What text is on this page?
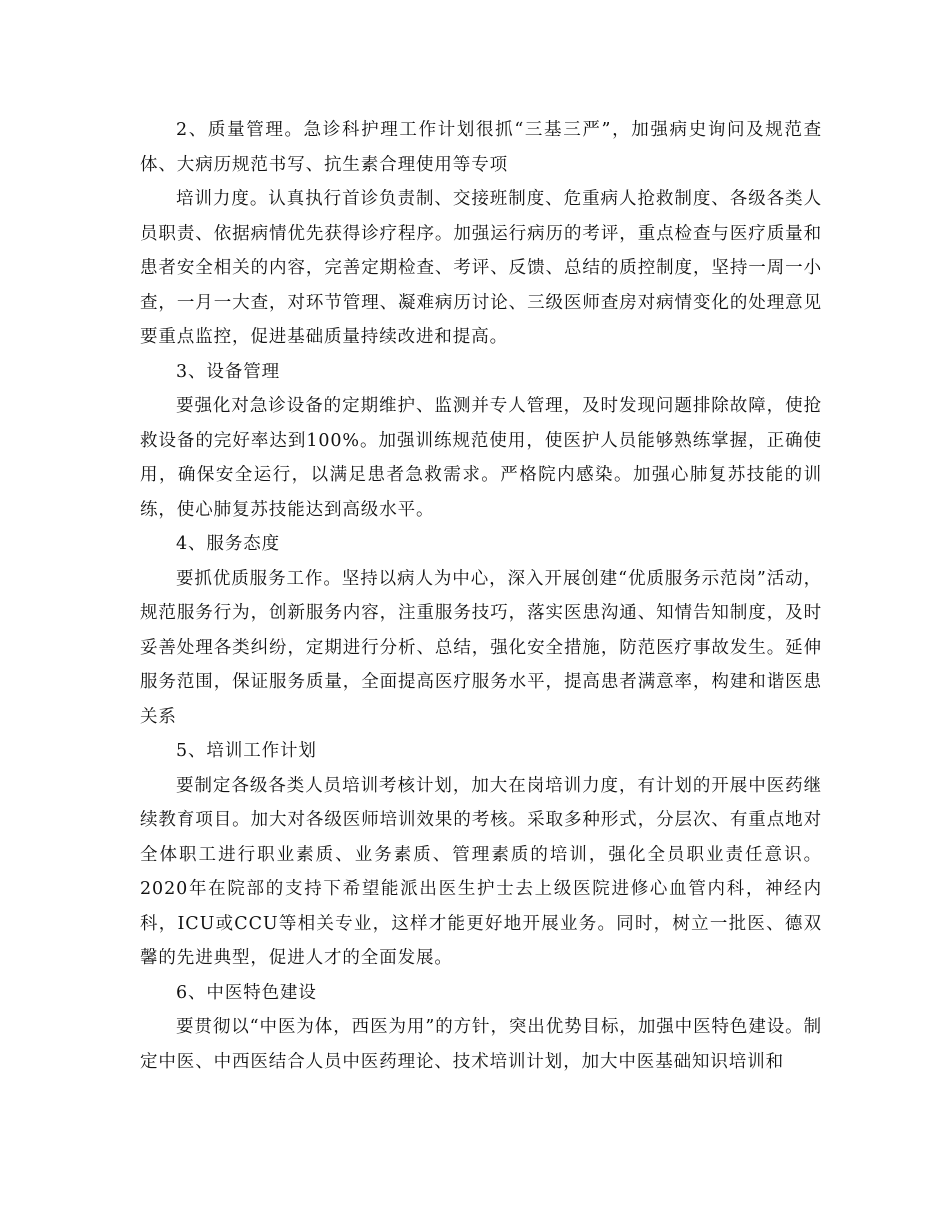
2、质量管理。急诊科护理工作计划很抓“三基三严”，加强病史询问及规范查体、大病历规范书写、抗生素合理使用等专项

培训力度。认真执行首诊负责制、交接班制度、危重病人抢救制度、各级各类人员职责、依据病情优先获得诊疗程序。加强运行病历的考评，重点检查与医疗质量和患者安全相关的内容，完善定期检查、考评、反馈、总结的质控制度，坚持一周一小查，一月一大查，对环节管理、凝难病历讨论、三级医师查房对病情变化的处理意见要重点监控，促进基础质量持续改进和提高。

3、设备管理

要强化对急诊设备的定期维护、监测并专人管理，及时发现问题排除故障，使抢救设备的完好率达到100%。加强训练规范使用，使医护人员能够熟练掌握，正确使用，确保安全运行，以满足患者急救需求。严格院内感染。加强心肺复苏技能的训练，使心肺复苏技能达到高级水平。

4、服务态度

要抓优质服务工作。坚持以病人为中心，深入开展创建“优质服务示范岗”活动，规范服务行为，创新服务内容，注重服务技巧，落实医患沟通、知情告知制度，及时妥善处理各类纠纷，定期进行分析、总结，强化安全措施，防范医疗事故发生。延伸服务范围，保证服务质量，全面提高医疗服务水平，提高患者满意率，构建和谐医患关系

5、培训工作计划

要制定各级各类人员培训考核计划，加大在岗培训力度，有计划的开展中医药继续教育项目。加大对各级医师培训效果的考核。采取多种形式，分层次、有重点地对全体职工进行职业素质、业务素质、管理素质的培训，强化全员职业责任意识。2020年在院部的支持下希望能派出医生护士去上级医院进修心血管内科，神经内科，ICU或CCU等相关专业，这样才能更好地开展业务。同时，树立一批医、德双馨的先进典型，促进人才的全面发展。

6、中医特色建设

要贯彻以“中医为体，西医为用”的方针，突出优势目标，加强中医特色建设。制定中医、中西医结合人员中医药理论、技术培训计划，加大中医基础知识培训和
